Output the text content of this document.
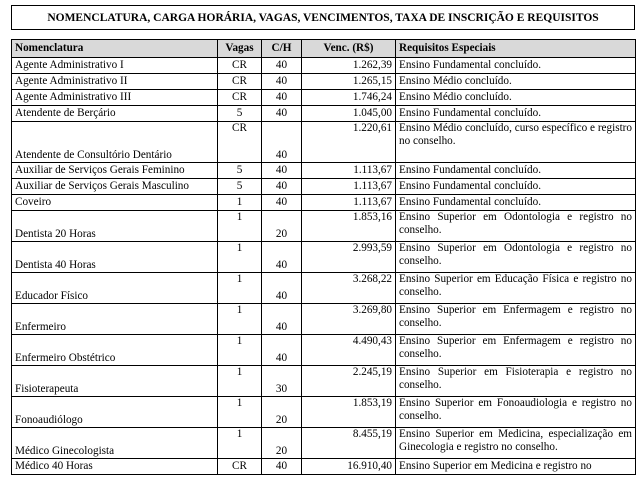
NOMENCLATURA, CARGA HORÁRIA, VAGAS, VENCIMENTOS, TAXA DE INSCRIÇÃO E REQUISITOS
Nomenclatura	Vagas	C/H	Venc. (R$)	Requisitos Especiais
Agente Administrativo I	CR	40	1.262,39	Ensino Fundamental concluído.
Agente Administrativo II	CR	40	1.265,15	Ensino Médio concluído.
Agente Administrativo III	CR	40	1.746,24	Ensino Médio concluído.
Atendente de Berçário	5	40	1.045,00	Ensino Fundamental concluído.
Atendente de Consultório Dentário	CR	40	1.220,61	Ensino Médio concluído, curso específico e registro no conselho.
Auxiliar de Serviços Gerais Feminino	5	40	1.113,67	Ensino Fundamental concluído.
Auxiliar de Serviços Gerais Masculino	5	40	1.113,67	Ensino Fundamental concluído.
Coveiro	1	40	1.113,67	Ensino Fundamental concluído.
Dentista 20 Horas	1	20	1.853,16	Ensino Superior em Odontologia e registro no conselho.
Dentista 40 Horas	1	40	2.993,59	Ensino Superior em Odontologia e registro no conselho.
Educador Físico	1	40	3.268,22	Ensino Superior em Educação Física e registro no conselho.
Enfermeiro	1	40	3.269,80	Ensino Superior em Enfermagem e registro no conselho.
Enfermeiro Obstétrico	1	40	4.490,43	Ensino Superior em Enfermagem e registro no conselho.
Fisioterapeuta	1	30	2.245,19	Ensino Superior em Fisioterapia e registro no conselho.
Fonoaudiólogo	1	20	1.853,19	Ensino Superior em Fonoaudiologia e registro no conselho.
Médico Ginecologista	1	20	8.455,19	Ensino Superior em Medicina, especialização em Ginecologia e registro no conselho.
Médico 40 Horas	CR	40	16.910,40	Ensino Superior em Medicina e registro no
